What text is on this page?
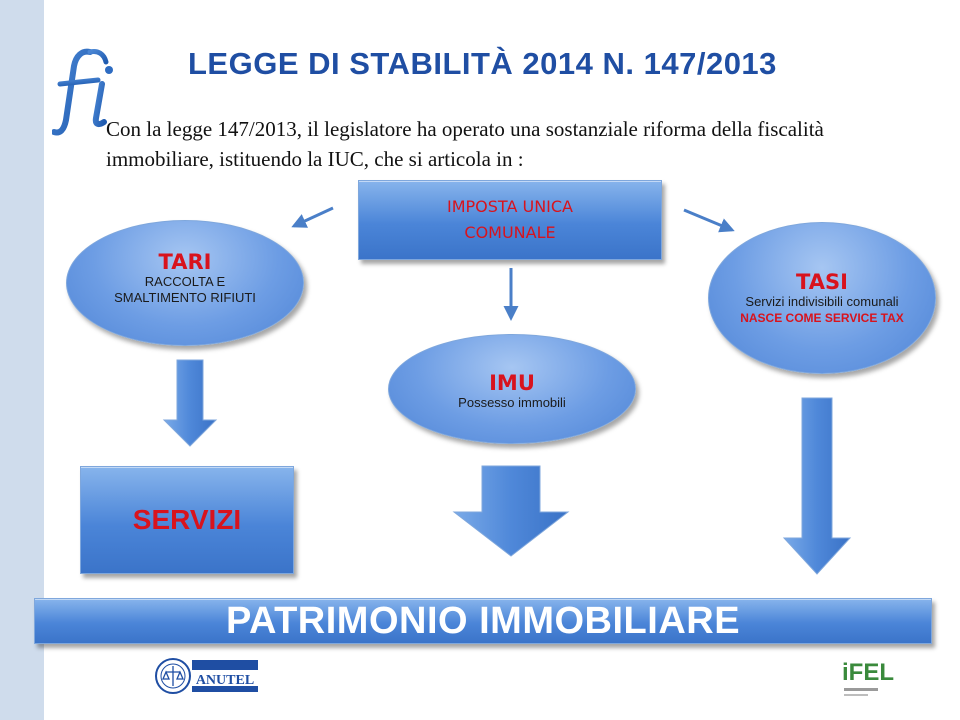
LEGGE DI STABILITÀ 2014 N. 147/2013
Con la legge 147/2013, il legislatore ha operato una sostanziale riforma della fiscalità immobiliare, istituendo la IUC, che si articola in :
IMPOSTA UNICA
COMUNALE
TARI
RACCOLTA E SMALTIMENTO RIFIUTI
TASI
Servizi indivisibili comunali
NASCE COME SERVICE TAX
IMU
Possesso immobili
SERVIZI
PATRIMONIO IMMOBILIARE
ANUTEL	iFEL
